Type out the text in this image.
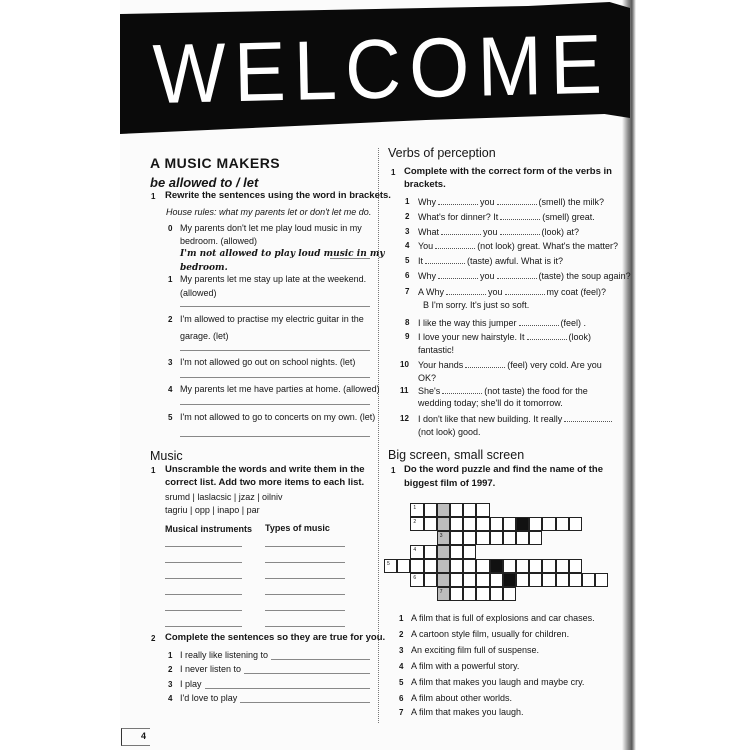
WELCOME
4
A MUSIC MAKERS
be allowed to / let
1 Rewrite the sentences using the word in brackets.
House rules: what my parents let or don't let me do.
0 My parents don't let me play loud music in my
bedroom. (allowed)
1 My parents let me stay up late at the weekend.
(allowed)
2 I'm allowed to practise my electric guitar in the
garage. (let)
3 I'm not allowed go out on school nights. (let)
4 My parents let me have parties at home. (allowed)
5 I'm not allowed to go to concerts on my own. (let)
I'm not allowed to play loud music in my
bedroom.
Music
1 Unscramble the words and write them in the
correct list. Add two more items to each list.
srumd | laslacsic | jzaz | oilniv
tagriu | opp | inapo | par
Musical instruments Types of music
2 Complete the sentences so they are true for you.
1 I really like listening to
2 I never listen to
3 I play
4 I'd love to play
Verbs of perception
1 Complete with the correct form of the verbs in
brackets.
1 Why	you	(smell) the milk?
2 What's for dinner? It	(smell) great.
3 What	you	(look) at?
4 You	(not look) great. What's the matter?
5 It	(taste) awful. What is it?
6 Why	you	(taste) the soup again?
7 A Why	you	my coat (feel)?
B I'm sorry. It's just so soft.
8 I like the way this jumper	(feel) .
9 I love your new hairstyle. It	(look)
fantastic!
10 Your hands	(feel) very cold. Are you
OK?
11 She's	(not taste) the food for the
wedding today; she'll do it tomorrow.
12 I don't like that new building. It really
(not look) good.
Big screen, small screen
1 Do the word puzzle and find the name of the
biggest film of 1997.
1
2
3
4
5
6
7
1 A film that is full of explosions and car chases.
2 A cartoon style film, usually for children.
3 An exciting film full of suspense.
4 A film with a powerful story.
5 A film that makes you laugh and maybe cry.
6 A film about other worlds.
7 A film that makes you laugh.
